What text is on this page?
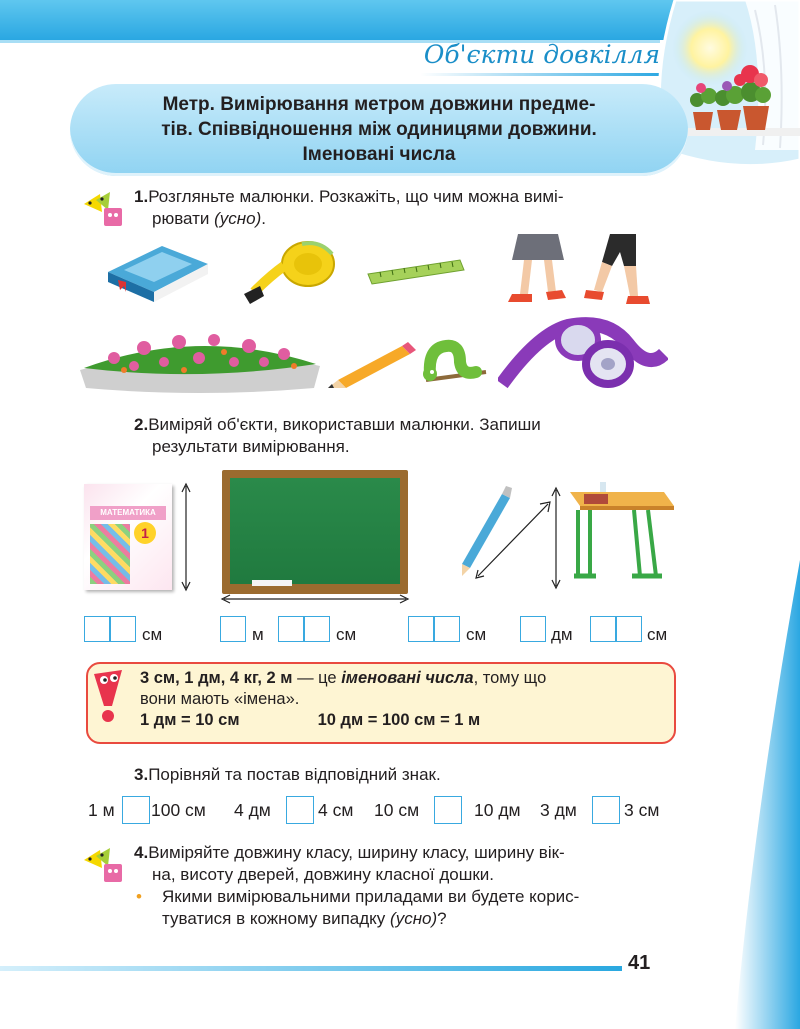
Об'єкти довкілля
Метр. Вимірювання метром довжини предме-
тів. Співвідношення між одиницями довжини.
Іменовані числа
1.Розгляньте малюнки. Розкажіть, що чим можна вимі-
рювати (усно).
2.Виміряй об'єкти, використавши малюнки. Запиши
результати вимірювання.
МАТЕМАТИКА
1
см	м	см	см	дм	см
3 см, 1 дм, 4 кг, 2 м — це іменовані числа, тому що
вони мають «імена».
1 дм = 10 см	10 дм = 100 см = 1 м
3.Порівняй та постав відповідний знак.
1 м 100 см 4 дм	4 см 10 см	10 дм 3 дм	3 см
4.Виміряйте довжину класу, ширину класу, ширину вік-
на, висоту дверей, довжину класної дошки.
• Якими вимірювальними приладами ви будете корис-
туватися в кожному випадку (усно)?
41
